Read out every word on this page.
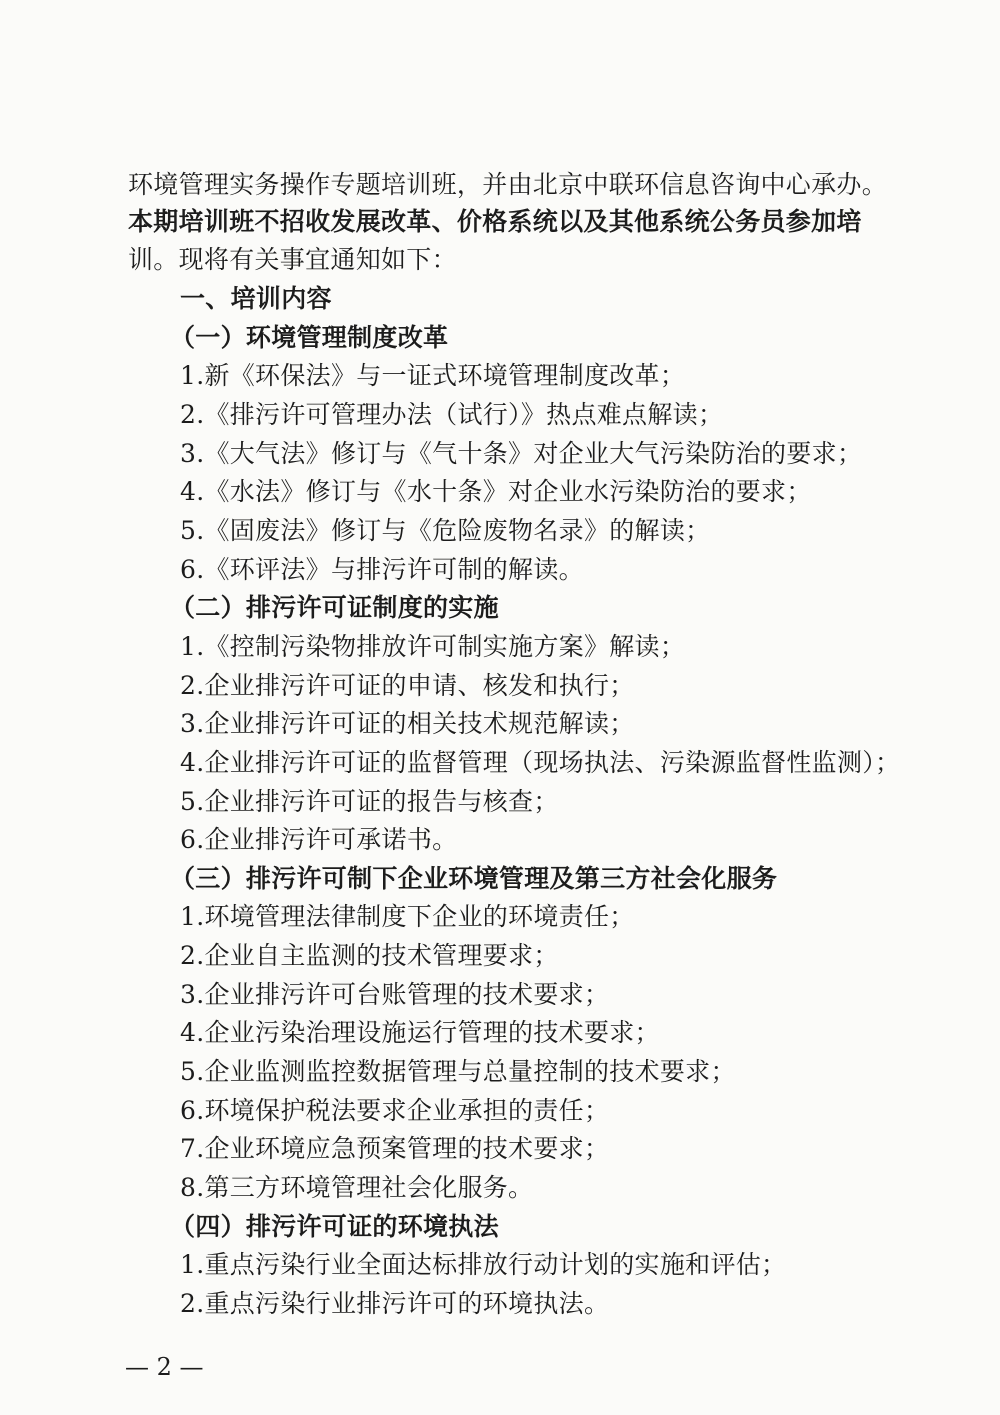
环境管理实务操作专题培训班，并由北京中联环信息咨询中心承办。
本期培训班不招收发展改革、价格系统以及其他系统公务员参加培
训。现将有关事宜通知如下：
一、培训内容
（一）环境管理制度改革
1.新《环保法》与一证式环境管理制度改革；
2.《排污许可管理办法（试行）》热点难点解读；
3.《大气法》修订与《气十条》对企业大气污染防治的要求；
4.《水法》修订与《水十条》对企业水污染防治的要求；
5.《固废法》修订与《危险废物名录》的解读；
6.《环评法》与排污许可制的解读。
（二）排污许可证制度的实施
1.《控制污染物排放许可制实施方案》解读；
2.企业排污许可证的申请、核发和执行；
3.企业排污许可证的相关技术规范解读；
4.企业排污许可证的监督管理（现场执法、污染源监督性监测）；
5.企业排污许可证的报告与核查；
6.企业排污许可承诺书。
（三）排污许可制下企业环境管理及第三方社会化服务
1.环境管理法律制度下企业的环境责任；
2.企业自主监测的技术管理要求；
3.企业排污许可台账管理的技术要求；
4.企业污染治理设施运行管理的技术要求；
5.企业监测监控数据管理与总量控制的技术要求；
6.环境保护税法要求企业承担的责任；
7.企业环境应急预案管理的技术要求；
8.第三方环境管理社会化服务。
（四）排污许可证的环境执法
1.重点污染行业全面达标排放行动计划的实施和评估；
2.重点污染行业排污许可的环境执法。
— 2 —
